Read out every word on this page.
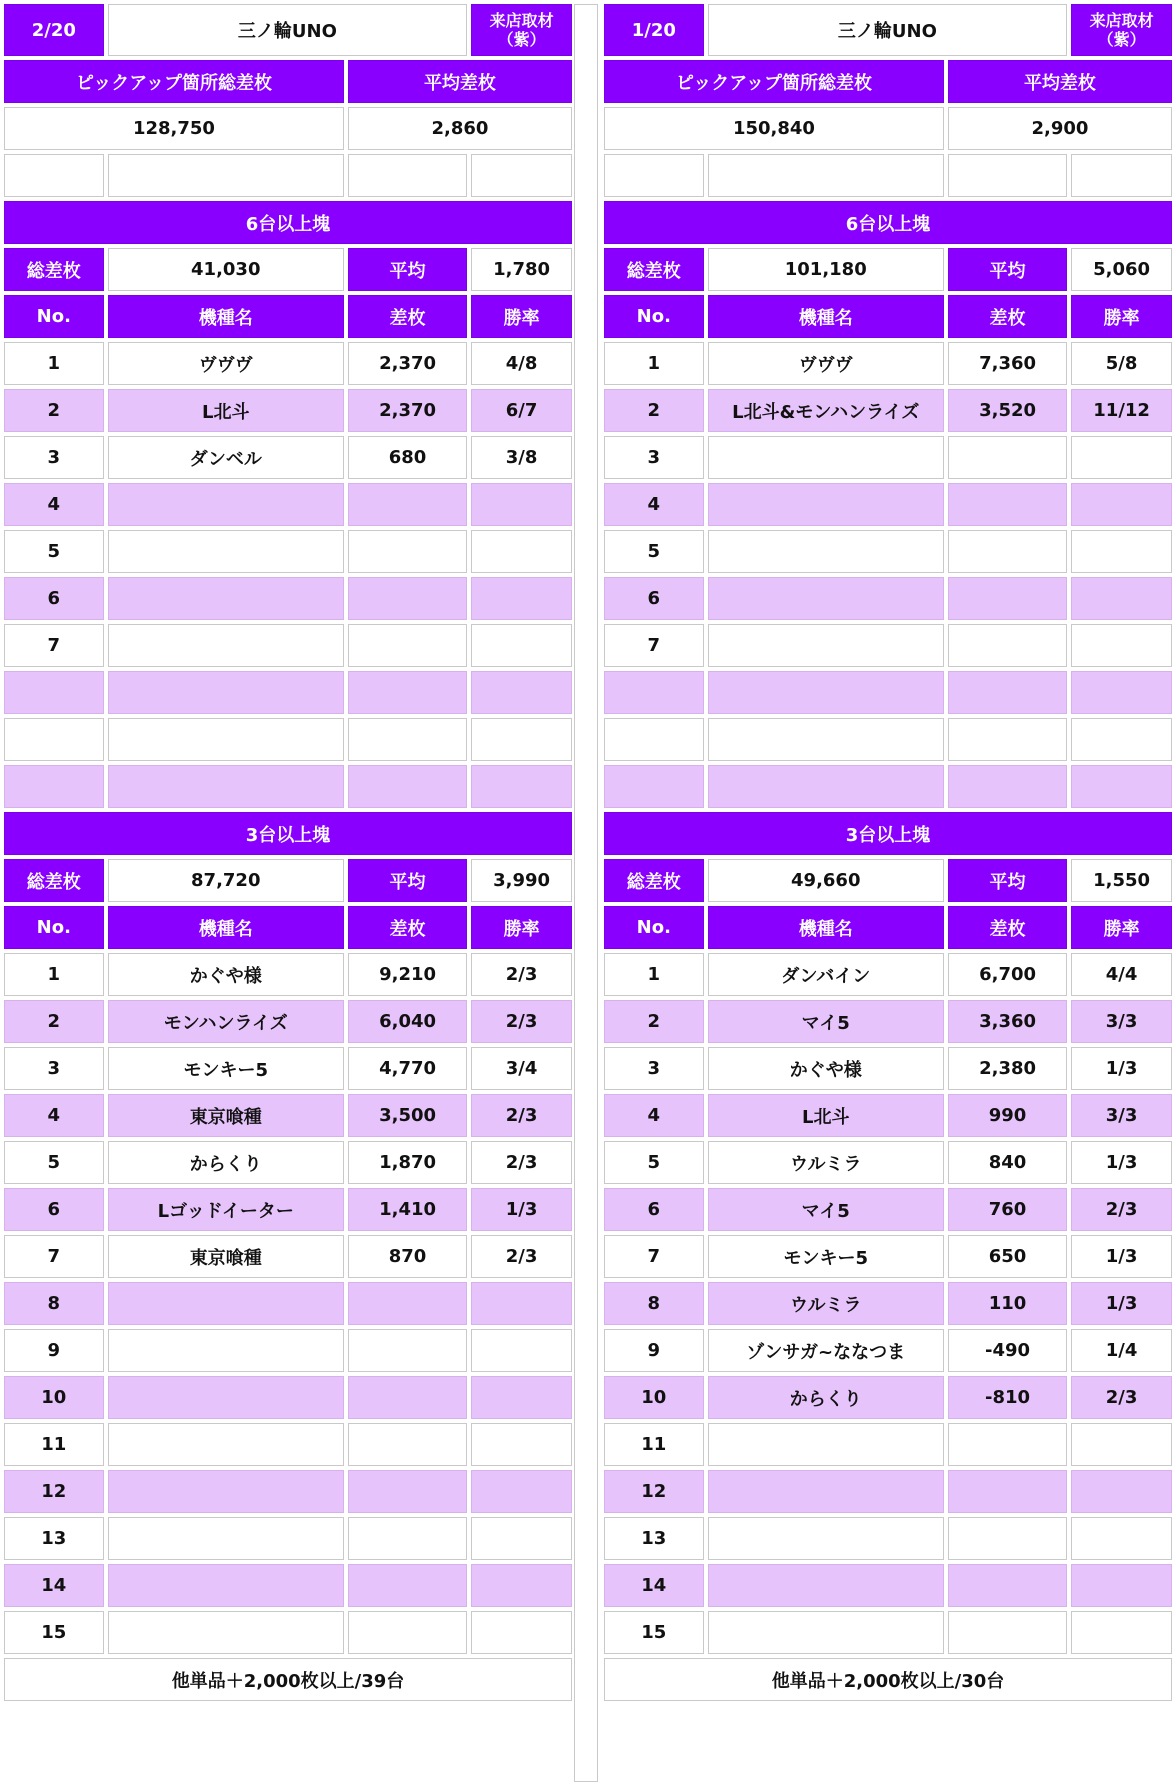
2/20	三ノ輪UNO		来店取材
（紫）

ピックアップ箇所総差枚		平均差枚	
128,750		2,860	

6台以上塊			
総差枚	41,030	平均	1,780
No.	機種名	差枚	勝率
1	ヴヴヴ	2,370	4/8
2	L北斗	2,370	6/7
3	ダンベル	680	3/8
4			
5			
6			
7			

3台以上塊			
総差枚	87,720	平均	3,990
No.	機種名	差枚	勝率
1	かぐや様	9,210	2/3
2	モンハンライズ	6,040	2/3
3	モンキー5	4,770	3/4
4	東京喰種	3,500	2/3
5	からくり	1,870	2/3
6	Lゴッドイーター	1,410	1/3
7	東京喰種	870	2/3
8			
9			
10			
11			
12			
13			
14			
15			
他単品＋2,000枚以上/39台			
1/20	三ノ輪UNO		来店取材
（紫）

ピックアップ箇所総差枚		平均差枚	
150,840		2,900	

6台以上塊			
総差枚	101,180	平均	5,060
No.	機種名	差枚	勝率
1	ヴヴヴ	7,360	5/8
2	L北斗&モンハンライズ	3,520	11/12
3			
4			
5			
6			
7			

3台以上塊			
総差枚	49,660	平均	1,550
No.	機種名	差枚	勝率
1	ダンバイン	6,700	4/4
2	マイ5	3,360	3/3
3	かぐや様	2,380	1/3
4	L北斗	990	3/3
5	ウルミラ	840	1/3
6	マイ5	760	2/3
7	モンキー5	650	1/3
8	ウルミラ	110	1/3
9	ゾンサガ~ななつま	-490	1/4
10	からくり	-810	2/3
11			
12			
13			
14			
15			
他単品＋2,000枚以上/30台			
